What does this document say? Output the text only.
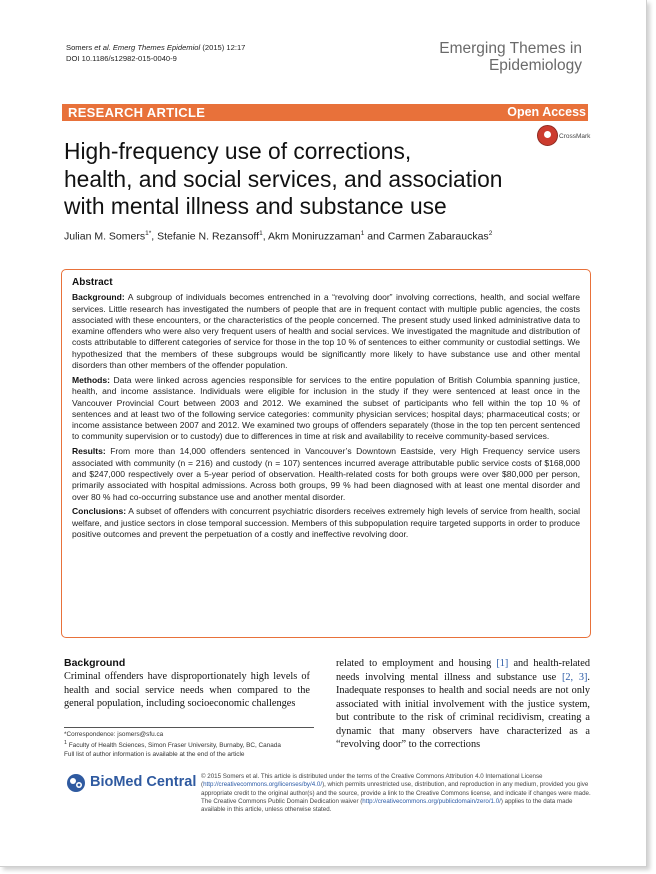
Somers et al. Emerg Themes Epidemiol (2015) 12:17
DOI 10.1186/s12982-015-0040-9
Emerging Themes in
Epidemiology
RESEARCH ARTICLE	Open Access
CrossMark
High-frequency use of corrections,
health, and social services, and association
with mental illness and substance use
Julian M. Somers$^{1*}$, Stefanie N. Rezansoff$^1$, Akm Moniruzzaman$^1$ and Carmen Zabarauckas$^2$
Abstract

Background: A subgroup of individuals becomes entrenched in a “revolving door” involving corrections, health, and social welfare services. Little research has investigated the numbers of people that are in frequent contact with multiple public agencies, the costs associated with these encounters, or the characteristics of the people concerned. The present study used linked administrative data to examine offenders who were also very frequent users of health and social services. We investigated the magnitude and distribution of costs attributable to different categories of service for those in the top 10 % of sentences to either community or custodial settings. We hypothesized that the members of these subgroups would be significantly more likely to have substance use and other mental disorders than other members of the offender population.

Methods: Data were linked across agencies responsible for services to the entire population of British Columbia spanning justice, health, and income assistance. Individuals were eligible for inclusion in the study if they were sentenced at least once in the Vancouver Provincial Court between 2003 and 2012. We examined the subset of participants who fell within the top 10 % of sentences and at least two of the following service categories: community physician services; hospital days; pharmaceutical costs; or income assistance between 2007 and 2012. We examined two groups of offenders separately (those in the top ten percent sentenced to community supervision or to custody) due to differences in time at risk and availability to receive community-based services.

Results: From more than 14,000 offenders sentenced in Vancouver’s Downtown Eastside, very High Frequency service users associated with community (n = 216) and custody (n = 107) sentences incurred average attributable public service costs of $168,000 and $247,000 respectively over a 5-year period of observation. Health-related costs for both groups were over $80,000 per person, primarily associated with hospital admissions. Across both groups, 99 % had been diagnosed with at least one mental disorder and over 80 % had co-occurring substance use and another mental disorder.

Conclusions: A subset of offenders with concurrent psychiatric disorders receives extremely high levels of service from health, social welfare, and justice sectors in close temporal succession. Members of this subpopulation require targeted supports in order to produce positive outcomes and prevent the perpetuation of a costly and ineffective revolving door.

Background
Criminal offenders have disproportionately high levels of health and social service needs when compared to the general population, including socioeconomic challenges
related to employment and housing [1] and health-related needs involving mental illness and substance use [2, 3]. Inadequate responses to health and social needs are not only associated with initial involvement with the justice system, but contribute to the risk of criminal recidivism, creating a dynamic that many observers have characterized as a “revolving door” to the corrections
*Correspondence: jsomers@sfu.ca
$^1$ Faculty of Health Sciences, Simon Fraser University, Burnaby, BC, Canada
Full list of author information is available at the end of the article
BioMed Central © 2015 Somers et al. This article is distributed under the terms of the Creative Commons Attribution 4.0 International License (http://creativecommons.org/licenses/by/4.0/), which permits unrestricted use, distribution, and reproduction in any medium, provided you give appropriate credit to the original author(s) and the source, provide a link to the Creative Commons license, and indicate if changes were made. The Creative Commons Public Domain Dedication waiver (http://creativecommons.org/publicdomain/zero/1.0/) applies to the data made available in this article, unless otherwise stated.
